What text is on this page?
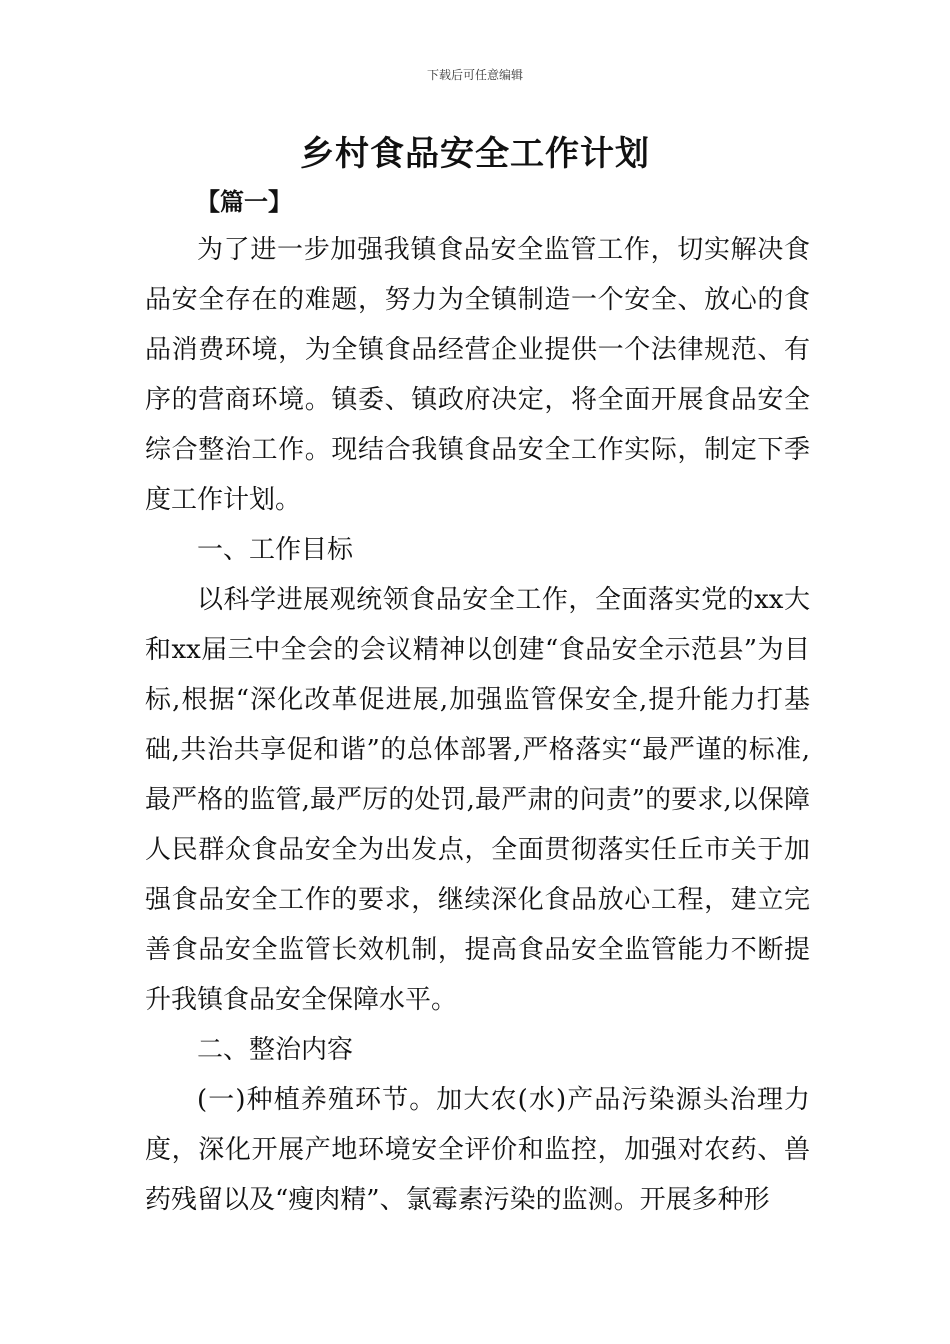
下载后可任意编辑
乡村食品安全工作计划
【篇一】

为了进一步加强我镇食品安全监管工作，切实解决食品安全存在的难题，努力为全镇制造一个安全、放心的食品消费环境，为全镇食品经营企业提供一个法律规范、有序的营商环境。镇委、镇政府决定，将全面开展食品安全综合整治工作。现结合我镇食品安全工作实际，制定下季度工作计划。

一、工作目标

以科学进展观统领食品安全工作，全面落实党的xx大和xx届三中全会的会议精神以创建“食品安全示范县”为目标,根据“深化改革促进展,加强监管保安全,提升能力打基础,共治共享促和谐”的总体部署,严格落实“最严谨的标准,最严格的监管,最严厉的处罚,最严肃的问责”的要求,以保障人民群众食品安全为出发点，全面贯彻落实任丘市关于加强食品安全工作的要求，继续深化食品放心工程，建立完善食品安全监管长效机制，提高食品安全监管能力不断提升我镇食品安全保障水平。

二、整治内容

(一)种植养殖环节。加大农(水)产品污染源头治理力度，深化开展产地环境安全评价和监控，加强对农药、兽药残留以及“瘦肉精”、氯霉素污染的监测。开展多种形
